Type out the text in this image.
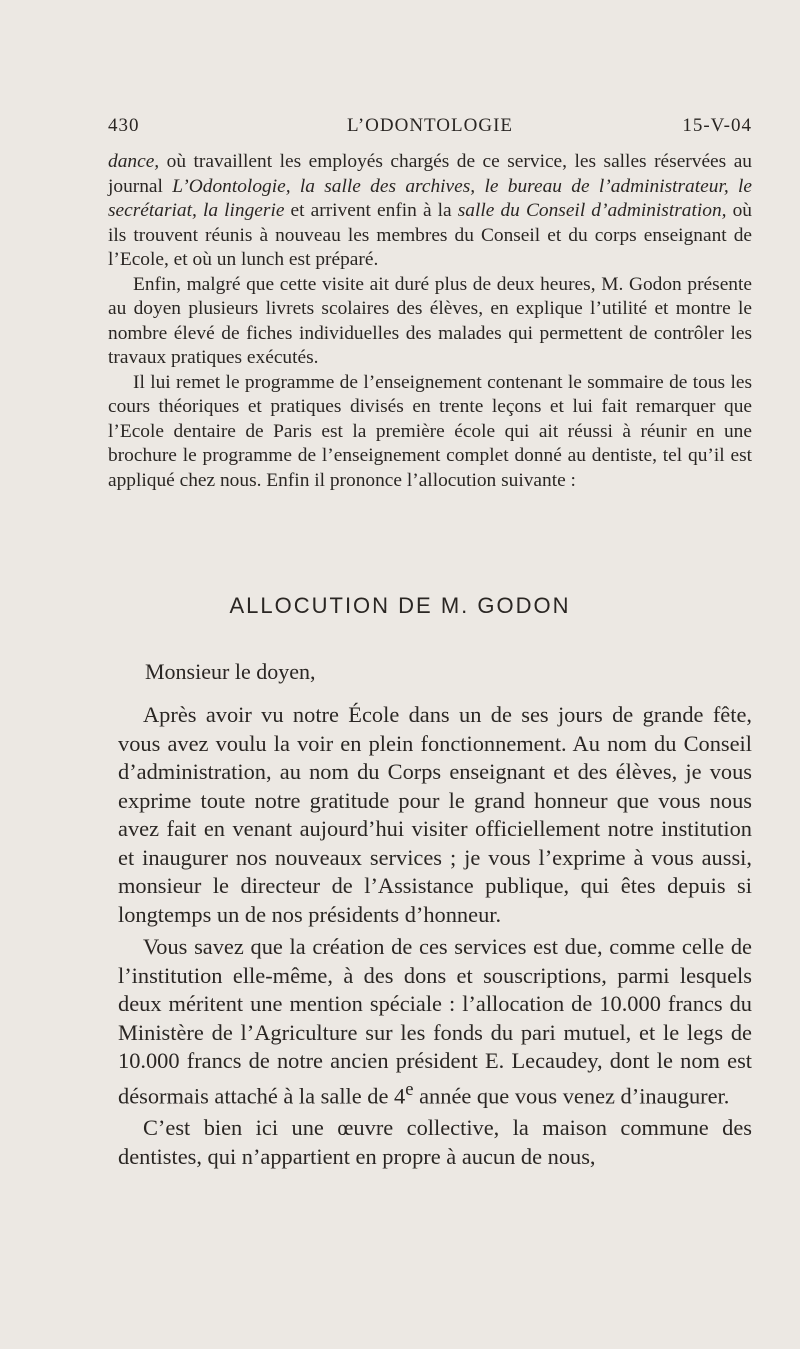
430	L’ODONTOLOGIE	15-V-04

dance, où travaillent les employés chargés de ce service, les salles réservées au journal L’Odontologie, la salle des archives, le bureau de l’administrateur, le secrétariat, la lingerie et arrivent enfin à la salle du Conseil d’administration, où ils trouvent réunis à nouveau les membres du Conseil et du corps enseignant de l’Ecole, et où un lunch est préparé.

Enfin, malgré que cette visite ait duré plus de deux heures, M. Godon présente au doyen plusieurs livrets scolaires des élèves, en explique l’utilité et montre le nombre élevé de fiches individuelles des malades qui permettent de contrôler les travaux pratiques exécutés.

Il lui remet le programme de l’enseignement contenant le sommaire de tous les cours théoriques et pratiques divisés en trente leçons et lui fait remarquer que l’Ecole dentaire de Paris est la première école qui ait réussi à réunir en une brochure le programme de l’enseignement complet donné au dentiste, tel qu’il est appliqué chez nous. Enfin il prononce l’allocution suivante :

ALLOCUTION DE M. GODON
Monsieur le doyen,

Après avoir vu notre École dans un de ses jours de grande fête, vous avez voulu la voir en plein fonctionnement. Au nom du Conseil d’administration, au nom du Corps enseignant et des élèves, je vous exprime toute notre gratitude pour le grand honneur que vous nous avez fait en venant aujourd’hui visiter officiellement notre institution et inaugurer nos nouveaux services ; je vous l’exprime à vous aussi, monsieur le directeur de l’Assistance publique, qui êtes depuis si longtemps un de nos présidents d’honneur.

Vous savez que la création de ces services est due, comme celle de l’institution elle-même, à des dons et souscriptions, parmi lesquels deux méritent une mention spéciale : l’allocation de 10.000 francs du Ministère de l’Agriculture sur les fonds du pari mutuel, et le legs de 10.000 francs de notre ancien président E. Lecaudey, dont le nom est désormais attaché à la salle de 4e année que vous venez d’inaugurer.

C’est bien ici une œuvre collective, la maison commune des dentistes, qui n’appartient en propre à aucun de nous,
